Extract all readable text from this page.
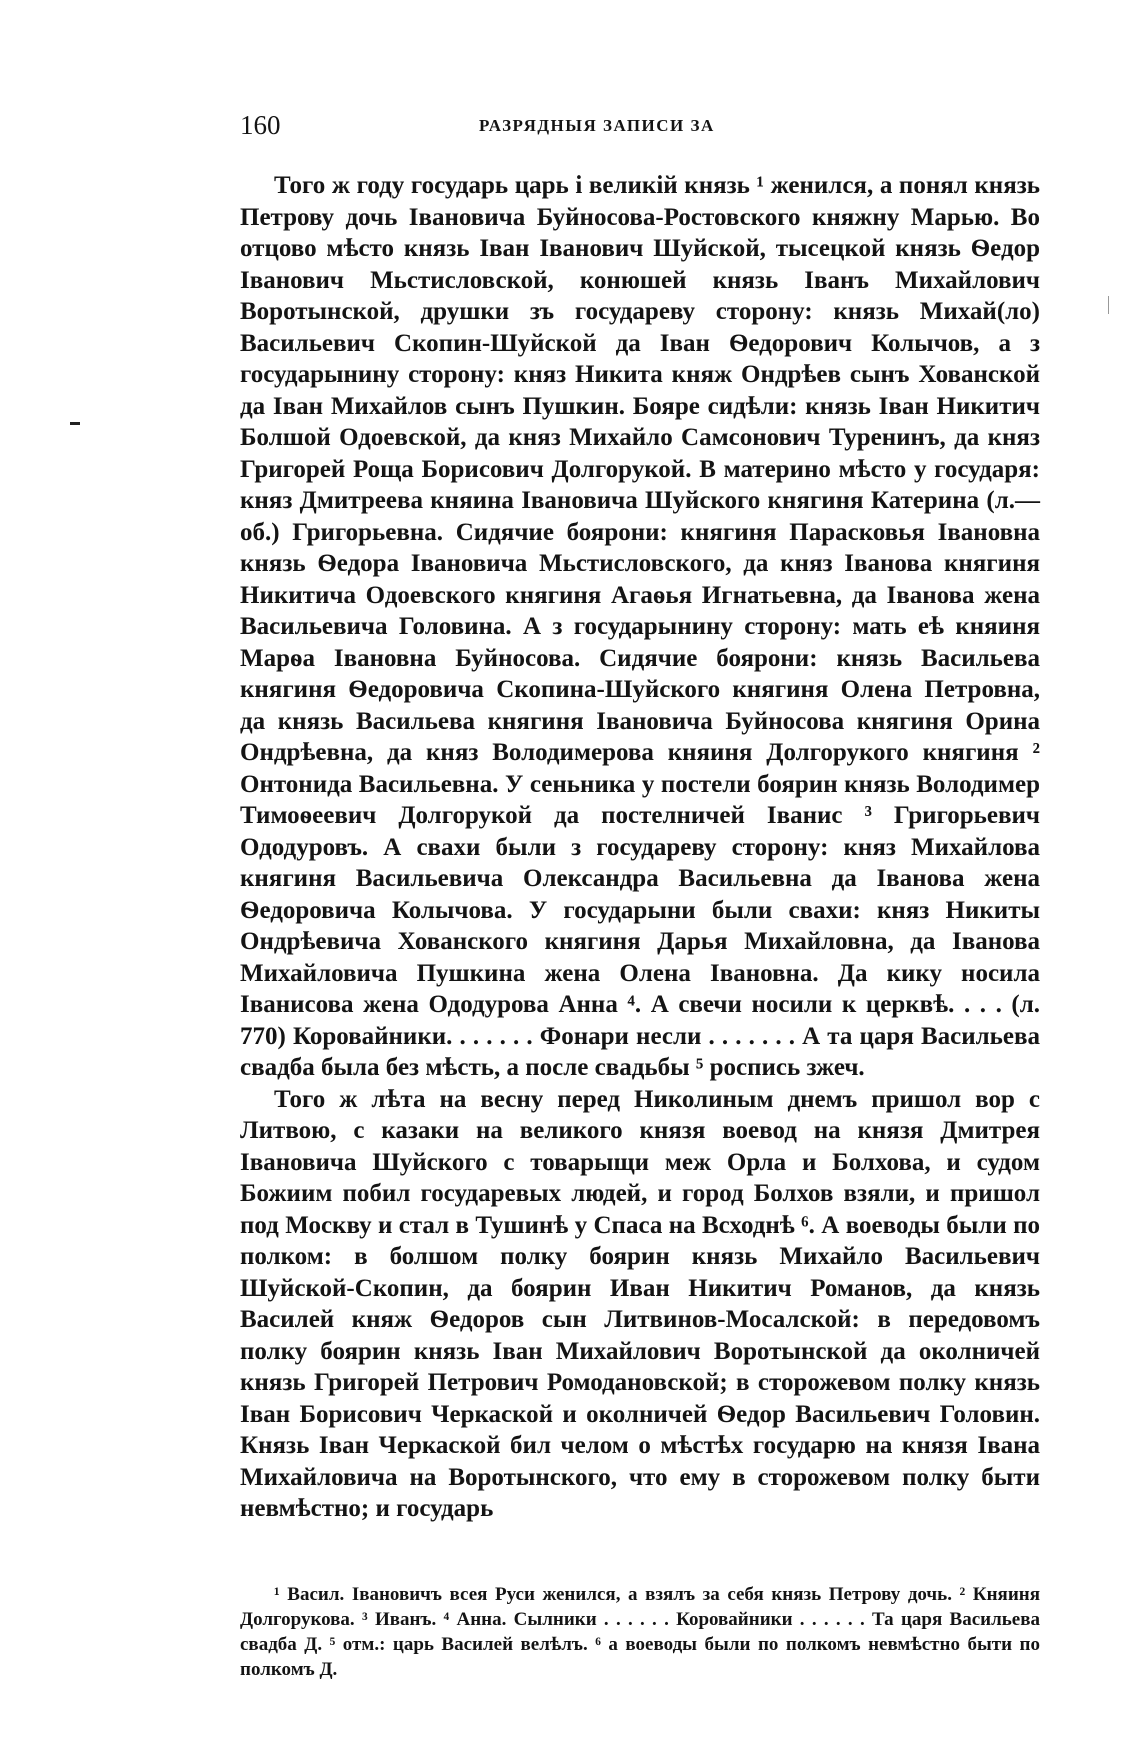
160	РАЗРЯДНЫЯ ЗАПИСИ ЗА

Того ж году государь царь і великій князь ¹ женился, а понял князь Петрову дочь Івановича Буйносова-Ростовского княжну Марью. Во отцово мѣсто князь Іван Іванович Шуйской, тысецкой князь Ѳедор Іванович Мьстисловской, конюшей князь Іванъ Михайлович Воротынской, друшки зъ государеву сторону: князь Михай(ло) Васильевич Скопин-Шуйской да Іван Ѳедорович Колычов, а з государынину сторону: княз Никита княж Ондрѣев сынъ Хованской да Іван Михайлов сынъ Пушкин. Бояре сидѣли: князь Іван Никитич Болшой Одоевской, да княз Михайло Самсонович Туренинъ, да княз Григорей Роща Борисович Долгорукой. В материно мѣсто у государя: княз Дмитреева княина Івановича Шуйского княгиня Катерина (л.—об.) Григорьевна. Сидячие боярони: княгиня Парасковья Івановна князь Ѳедора Івановича Мьстисловского, да княз Іванова княгиня Никитича Одоевского княгиня Агаѳья Игнатьевна, да Іванова жена Васильевича Головина. А з государынину сторону: мать еѣ княиня Марѳа Івановна Буйносова. Сидячие боярони: князь Васильева княгиня Ѳедоровича Скопина-Шуйского княгиня Олена Петровна, да князь Васильева княгиня Івановича Буйносова княгиня Орина Ондрѣевна, да княз Володимерова княиня Долгорукого княгиня ² Онтонида Васильевна. У сеньника у постели боярин князь Володимер Тимоѳеевич Долгорукой да постелничей Іванис ³ Григорьевич Ододуровъ. А свахи были з государеву сторону: княз Михайлова княгиня Васильевича Олександра Васильевна да Іванова жена Ѳедоровича Колычова. У государыни были свахи: княз Никиты Ондрѣевича Хованского княгиня Дарья Михайловна, да Іванова Михайловича Пушкина жена Олена Івановна. Да кику носила Іванисова жена Ододурова Анна ⁴. А свечи носили к церквѣ. . . . (л. 770) Коровайники. . . . . . . Фонари несли . . . . . . . А та царя Васильева свадба была без мѣсть, а после свадьбы ⁵ роспись зжеч.

Того ж лѣта на весну перед Николиным днемъ пришол вор с Литвою, с казаки на великого князя воевод на князя Дмитрея Івановича Шуйского с товарыщи меж Орла и Болхова, и судом Божиим побил государевых людей, и город Болхов взяли, и пришол под Москву и стал в Тушинѣ у Спаса на Всходнѣ ⁶. А воеводы были по полком: в болшом полку боярин князь Михайло Васильевич Шуйской-Скопин, да боярин Иван Никитич Романов, да князь Василей княж Ѳедоров сын Литвинов-Мосалской: в передовомъ полку боярин князь Іван Михайлович Воротынской да околничей князь Григорей Петрович Ромодановской; в сторожевом полку князь Іван Борисович Черкаской и околничей Ѳедор Васильевич Головин. Князь Іван Черкаской бил челом о мѣстѣх государю на князя Івана Михайловича на Воротынского, что ему в сторожевом полку быти невмѣстно; и государь

¹ Васил. Івановичъ всея Руси женился, а взялъ за себя князь Петрову дочь. ² Княиня Долгорукова. ³ Иванъ. ⁴ Анна. Сылники . . . . . . Коровайники . . . . . . Та царя Васильева свадба Д. ⁵ отм.: царь Василей велѣлъ. ⁶ а воеводы были по полкомъ невмѣстно быти по полкомъ Д.
